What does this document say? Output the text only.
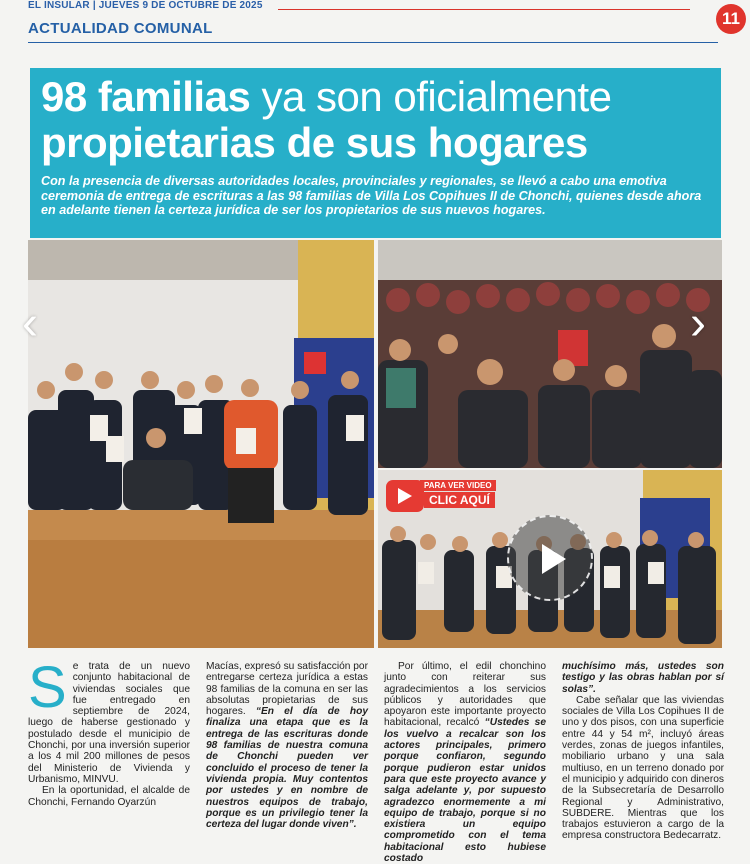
EL INSULAR | JUEVES 9 DE OCTUBRE DE 2025
11
ACTUALIDAD COMUNAL
98 familias ya son oficialmente
propietarias de sus hogares
Con la presencia de diversas autoridades locales, provinciales y regionales, se llevó a cabo una emotiva ceremonia de entrega de escrituras a las 98 familias de Villa Los Copihues II de Chonchi, quienes desde ahora en adelante tienen la certeza jurídica de ser los propietarios de sus nuevos hogares.
‹	›
PARA VER VIDEO
CLIC AQUÍ

Se trata de un nuevo conjunto habitacional de viviendas sociales que fue entregado en septiembre de 2024, luego de haberse gestionado y postulado desde el municipio de Chonchi, por una inversión superior a los 4 mil 200 millones de pesos del Ministerio de Vivienda y Urbanismo, MINVU.

En la oportunidad, el alcalde de Chonchi, Fernando Oyarzún

Macías, expresó su satisfacción por entregarse certeza jurídica a estas 98 familias de la comuna en ser las absolutas propietarias de sus hogares. “En el día de hoy finaliza una etapa que es la entrega de las escrituras donde 98 familias de nuestra comuna de Chonchi pueden ver concluido el proceso de tener la vivienda propia. Muy contentos por ustedes y en nombre de nuestros equipos de trabajo, porque es un privilegio tener la certeza del lugar donde viven”.

Por último, el edil chonchino junto con reiterar sus agradecimientos a los servicios públicos y autoridades que apoyaron este importante proyecto habitacional, recalcó “Ustedes se los vuelvo a recalcar son los actores principales, primero porque confiaron, segundo porque pudieron estar unidos para que este proyecto avance y salga adelante y, por supuesto agradezco enormemente a mi equipo de trabajo, porque si no existiera un equipo comprometido con el tema habitacional esto hubiese costado

muchísimo más, ustedes son testigo y las obras hablan por sí solas”.

Cabe señalar que las viviendas sociales de Villa Los Copihues II de uno y dos pisos, con una superficie entre 44 y 54 m², incluyó áreas verdes, zonas de juegos infantiles, mobiliario urbano y una sala multiuso, en un terreno donado por el municipio y adquirido con dineros de la Subsecretaría de Desarrollo Regional y Administrativo, SUBDERE. Mientras que los trabajos estuvieron a cargo de la empresa constructora Bedecarratz.
